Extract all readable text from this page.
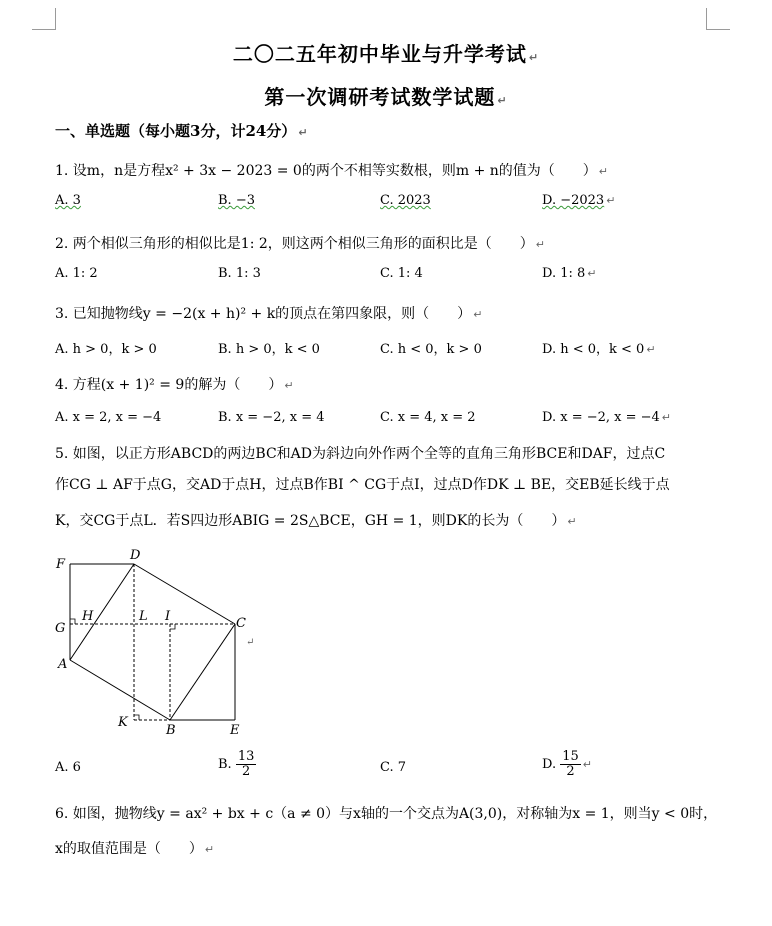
二〇二五年初中毕业与升学考试 ↵
第一次调研考试数学试题 ↵
一、单选题（每小题3分，计24分） ↵
1. 设m，n是方程x² + 3x − 2023 = 0的两个不相等实数根，则m + n的值为（　　） ↵
A. 3	B. −3	C. 2023	D. −2023 ↵
2. 两个相似三角形的相似比是1: 2，则这两个相似三角形的面积比是（　　） ↵
A. 1: 2	B. 1: 3	C. 1: 4	D. 1: 8 ↵
3. 已知抛物线y = −2(x + h)² + k的顶点在第四象限，则（　　） ↵
A. h > 0，k > 0	B. h > 0，k < 0	C. h < 0，k > 0	D. h < 0，k < 0 ↵
4. 方程(x + 1)² = 9的解为（　　） ↵
A. x = 2, x = −4	B. x = −2, x = 4	C. x = 4, x = 2	D. x = −2, x = −4 ↵
5. 如图，以正方形ABCD的两边BC和AD为斜边向外作两个全等的直角三角形BCE和DAF，过点C
作CG ⊥ AF于点G，交AD于点H，过点B作BI ^ CG于点I，过点D作DK ⊥ BE，交EB延长线于点
K，交CG于点L．若S四边形ABIG = 2S△BCE，GH = 1，则DK的长为（　　） ↵
F
D
G
H	L I	C
A
K
B	E
↵
A. 6	B. $\frac{13}{2}$	C. 7	D. $\frac{15}{2}$ ↵
6. 如图，抛物线y = ax² + bx + c（a ≠ 0）与x轴的一个交点为A(3,0)，对称轴为x = 1，则当y < 0时，
x的取值范围是（　　） ↵
